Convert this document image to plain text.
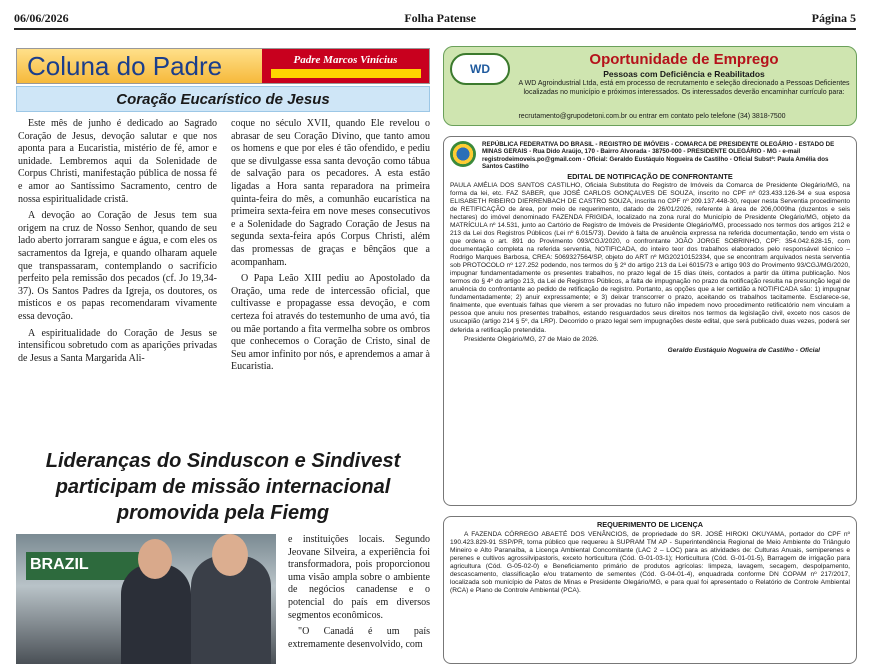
06/06/2026	Folha Patense	Página 5
Coluna do Padre	Padre Marcos Vinícius
Coração Eucarístico de Jesus

Este mês de junho é dedicado ao Sagrado Coração de Jesus, devoção salutar e que nos aponta para a Eucaristia, mistério de fé, amor e unidade. Lembremos aqui da Solenidade de Corpus Christi, manifestação pública de nossa fé e amor ao Santíssimo Sacramento, centro de nossa espiritualidade cristã.

A devoção ao Coração de Jesus tem sua origem na cruz de Nosso Senhor, quando de seu lado aberto jorraram sangue e água, e com eles os sacramentos da Igreja, e quando olharam aquele que transpassaram, contemplando o sacrifício perfeito pela remissão dos pecados (cf. Jo 19,34-37). Os Santos Padres da Igreja, os doutores, os místicos e os papas recomendaram vivamente essa devoção.

A espiritualidade do Coração de Jesus se intensificou sobretudo com as aparições privadas de Jesus a Santa Margarida Ali-

coque no século XVII, quando Ele revelou o abrasar de seu Coração Divino, que tanto amou os homens e que por eles é tão ofendido, e pediu que se divulgasse essa santa devoção como tábua de salvação para os pecadores. A esta estão ligadas a Hora santa reparadora na primeira quinta-feira do mês, a comunhão eucarística na primeira sexta-feira em nove meses consecutivos e a Solenidade do Sagrado Coração de Jesus na segunda sexta-feira após Corpus Christi, além das promessas de graças e bênçãos que a acompanham.

O Papa Leão XIII pediu ao Apostolado da Oração, uma rede de intercessão oficial, que cultivasse e propagasse essa devoção, e com certeza foi através do testemunho de uma avó, tia ou mãe portando a fita vermelha sobre os ombros que conhecemos o Coração de Cristo, sinal de Seu amor infinito por nós, e aprendemos a amar à Eucaristia.

Lideranças do Sinduscon e Sindivest participam de missão internacional promovida pela Fiemg
BRAZIL

e instituições locais. Segundo Jeovane Silveira, a experiência foi transformadora, pois proporcionou uma visão ampla sobre o ambiente de negócios canadense e o potencial do país em diversos segmentos econômicos.

"O Canadá é um país extremamente desenvolvido, com

WD
Oportunidade de Emprego
Pessoas com Deficiência e Reabilitados
A WD Agroindustrial Ltda, está em processo de recrutamento e seleção direcionado a Pessoas Deficientes localizadas no município e próximos interessados. Os interessados deverão encaminhar currículo para:
recrutamento@grupodetoni.com.br ou entrar em contato pelo telefone (34) 3818-7500
REPÚBLICA FEDERATIVA DO BRASIL - REGISTRO DE IMÓVEIS - COMARCA DE PRESIDENTE OLEGÁRIO - ESTADO DE MINAS GERAIS - Rua Dido Araújo, 170 - Bairro Alvorada - 38750-000 - PRESIDENTE OLEGÁRIO - MG - e-mail registrodeimoveis.po@gmail.com - Oficial: Geraldo Eustáquio Nogueira de Castilho - Oficial Substª: Paula Amélia dos Santos Castilho
EDITAL DE NOTIFICAÇÃO DE CONFRONTANTE

PAULA AMÉLIA DOS SANTOS CASTILHO, Oficiala Substituta do Registro de Imóveis da Comarca de Presidente Olegário/MG, na forma da lei, etc. FAZ SABER, que JOSÉ CARLOS GONÇALVES DE SOUZA, inscrito no CPF nº 023.433.126-34 e sua esposa ELISABETH RIBEIRO DIERRENBACH DE CASTRO SOUZA, inscrita no CPF nº 209.137.448-30, requer nesta Serventia procedimento de RETIFICAÇÃO de área, por meio de requerimento, datado de 26/01/2026, referente à área de 206,0009ha (duzentos e seis hectares) do imóvel denominado FAZENDA FRIGIDA, localizado na zona rural do Município de Presidente Olegário/MG, objeto da MATRÍCULA nº 14.531, junto ao Cartório de Registro de Imóveis de Presidente Olegário/MG, processado nos termos dos artigos 212 e 213 da Lei dos Registros Públicos (Lei nº 6.015/73). Devido à falta de anuência expressa na referida documentação, tendo em vista o que ordena o art. 891 do Provimento 093/CGJ/2020, o confrontante JOÃO JORGE SOBRINHO, CPF: 354.042.628-15, com documentação completa na referida serventia, NOTIFICADA, do inteiro teor dos trabalhos elaborados pelo responsável técnico – Rodrigo Marques Barbosa, CREA: 5069327564/SP, objeto do ART nº MG20210152334, que se encontram arquivados nesta serventia sob PROTOCOLO nº 127.252 podendo, nos termos do § 2º do artigo 213 da Lei 6015/73 e artigo 903 do Provimento 93/CGJ/MG/2020, impugnar fundamentadamente os presentes trabalhos, no prazo legal de 15 dias úteis, contados a partir da última publicação. Nos termos do § 4º do artigo 213, da Lei de Registros Públicos, a falta de impugnação no prazo da notificação resulta na presunção legal de anuência do confrontante ao pedido de retificação de registro. Portanto, as opções que a ler certidão a NOTIFICADA são: 1) impugnar fundamentadamente; 2) anuir expressamente; e 3) deixar transcorrer o prazo, aceitando os trabalhos tacitamente. Esclarece-se, finalmente, que eventuais falhas que vierem a ser provadas no futuro não impedem novo procedimento retificatório nem vinculam a pessoa que anuiu nos presentes trabalhos, estando resguardados seus direitos nos termos da legislação civil, exceto nos casos de usucapião (artigo 214 § 5º, da LRP). Decorrido o prazo legal sem impugnações deste edital, que será publicado duas vezes, poderá ser deferida a retificação pretendida.

Presidente Olegário/MG, 27 de Maio de 2026.

Geraldo Eustáquio Nogueira de Castilho - Oficial
REQUERIMENTO DE LICENÇA
A FAZENDA CÓRREGO ABAETÉ DOS VENÂNCIOS, de propriedade do SR. JOSÉ HIROKI OKUYAMA, portador do CPF nº 190.423.829-91 SSP/PR, torna público que requereu à SUPRAM TM AP - Superintendência Regional de Meio Ambiente do Triângulo Mineiro e Alto Paranaíba, a Licença Ambiental Concomitante (LAC 2 – LOC) para as atividades de: Culturas Anuais, semiperenes e perenes e cultivos agrossilvipastoris, exceto horticultura (Cód. G-01-03-1); Horticultura (Cód. G-01-01-5), Barragem de irrigação para agricultura (Cód. G-05-02-0) e Beneficiamento primário de produtos agrícolas: limpeza, lavagem, secagem, despolpamento, descascamento, classificação e/ou tratamento de sementes (Cód. G-04-01-4), enquadrada conforme DN COPAM nº 217/2017, localizada sob município de Patos de Minas e Presidente Olegário/MG, e para qual foi apresentado o Relatório de Controle Ambiental (RCA) e Plano de Controle Ambiental (PCA).
